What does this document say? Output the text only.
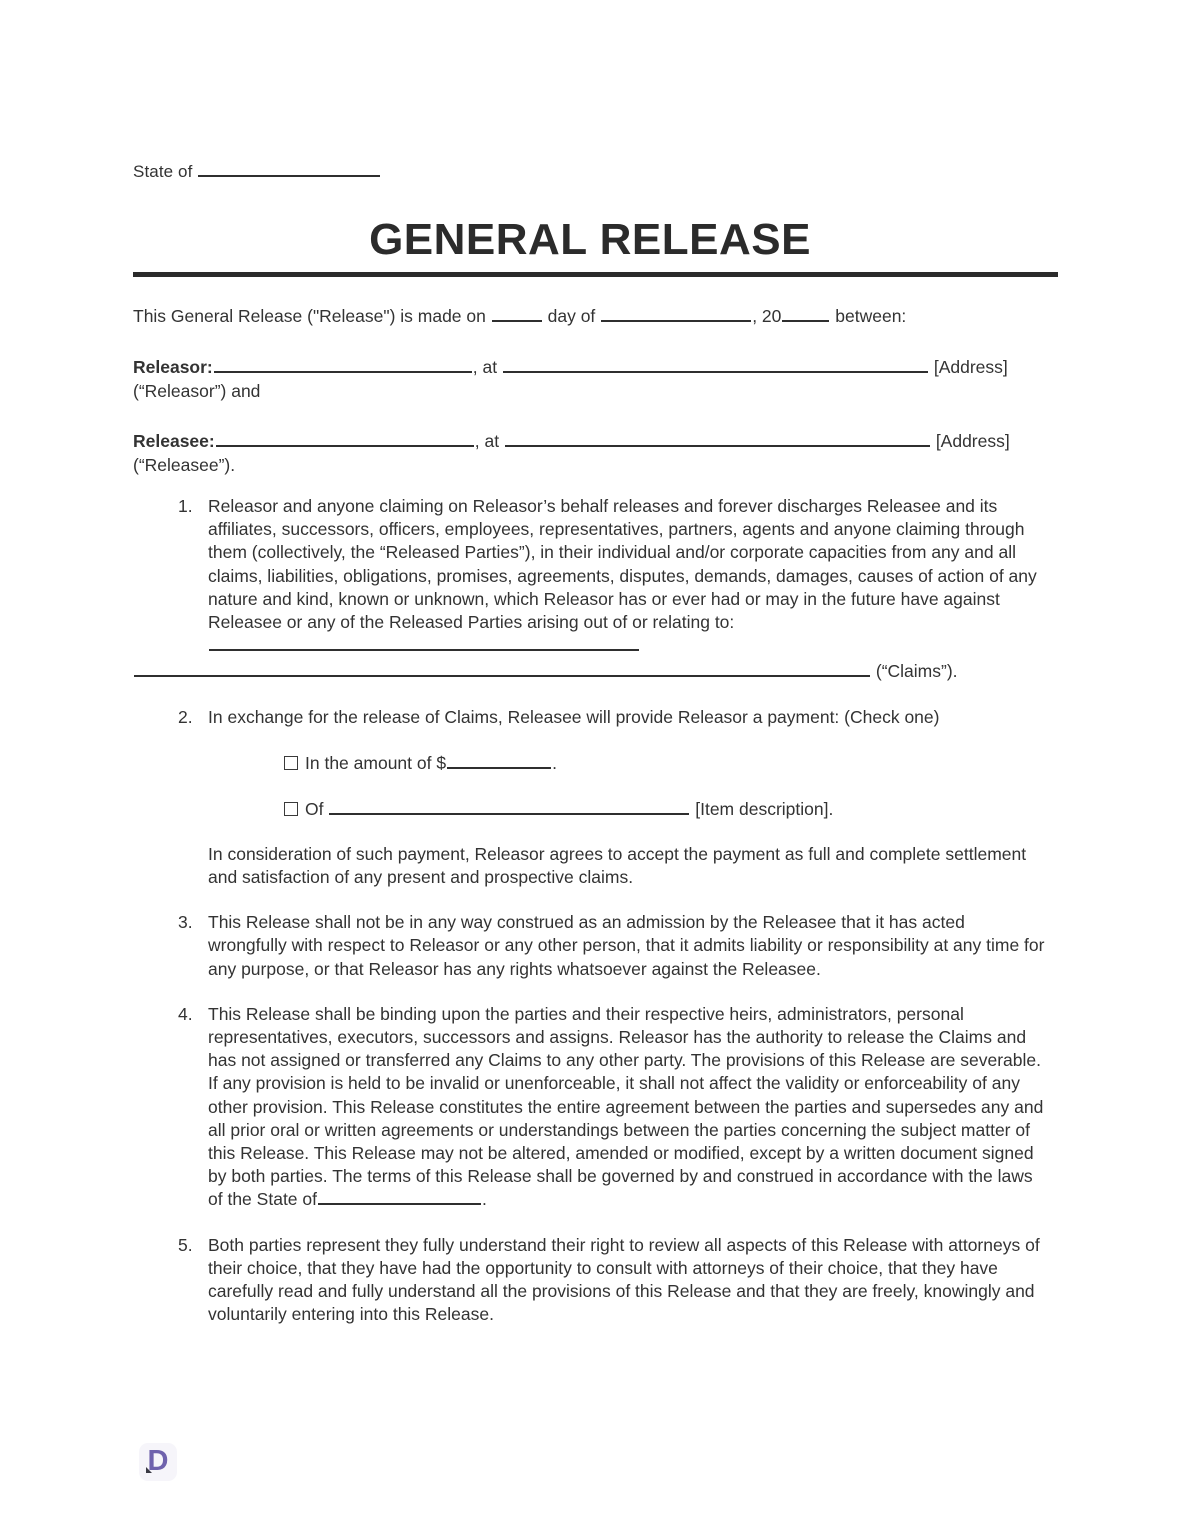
State of
GENERAL RELEASE
This General Release ("Release") is made on	day of	, 20	between:
Releasor:	, at	[Address]
(“Releasor”) and
Releasee:	, at	[Address]
(“Releasee”).
Releasor and anyone claiming on Releasor’s behalf releases and forever discharges Releasee and its affiliates, successors, officers, employees, representatives, partners, agents and anyone claiming through them (collectively, the “Released Parties”), in their individual and/or corporate capacities from any and all claims, liabilities, obligations, promises, agreements, disputes, demands, damages, causes of action of any nature and kind, known or unknown, which Releasor has or ever had or may in the future have against Releasee or any of the Released Parties arising out of or relating to:
(“Claims”).
In exchange for the release of Claims, Releasee will provide Releasor a payment: (Check one)
In the amount of $	.
Of	[Item description].
In consideration of such payment, Releasor agrees to accept the payment as full and complete settlement and satisfaction of any present and prospective claims.
This Release shall not be in any way construed as an admission by the Releasee that it has acted wrongfully with respect to Releasor or any other person, that it admits liability or responsibility at any time for any purpose, or that Releasor has any rights whatsoever against the Releasee.
This Release shall be binding upon the parties and their respective heirs, administrators, personal representatives, executors, successors and assigns. Releasor has the authority to release the Claims and has not assigned or transferred any Claims to any other party. The provisions of this Release are severable. If any provision is held to be invalid or unenforceable, it shall not affect the validity or enforceability of any other provision. This Release constitutes the entire agreement between the parties and supersedes any and all prior oral or written agreements or understandings between the parties concerning the subject matter of this Release. This Release may not be altered, amended or modified, except by a written document signed by both parties. The terms of this Release shall be governed by and construed in accordance with the laws of the State of	.
Both parties represent they fully understand their right to review all aspects of this Release with attorneys of their choice, that they have had the opportunity to consult with attorneys of their choice, that they have carefully read and fully understand all the provisions of this Release and that they are freely, knowingly and voluntarily entering into this Release.
D
